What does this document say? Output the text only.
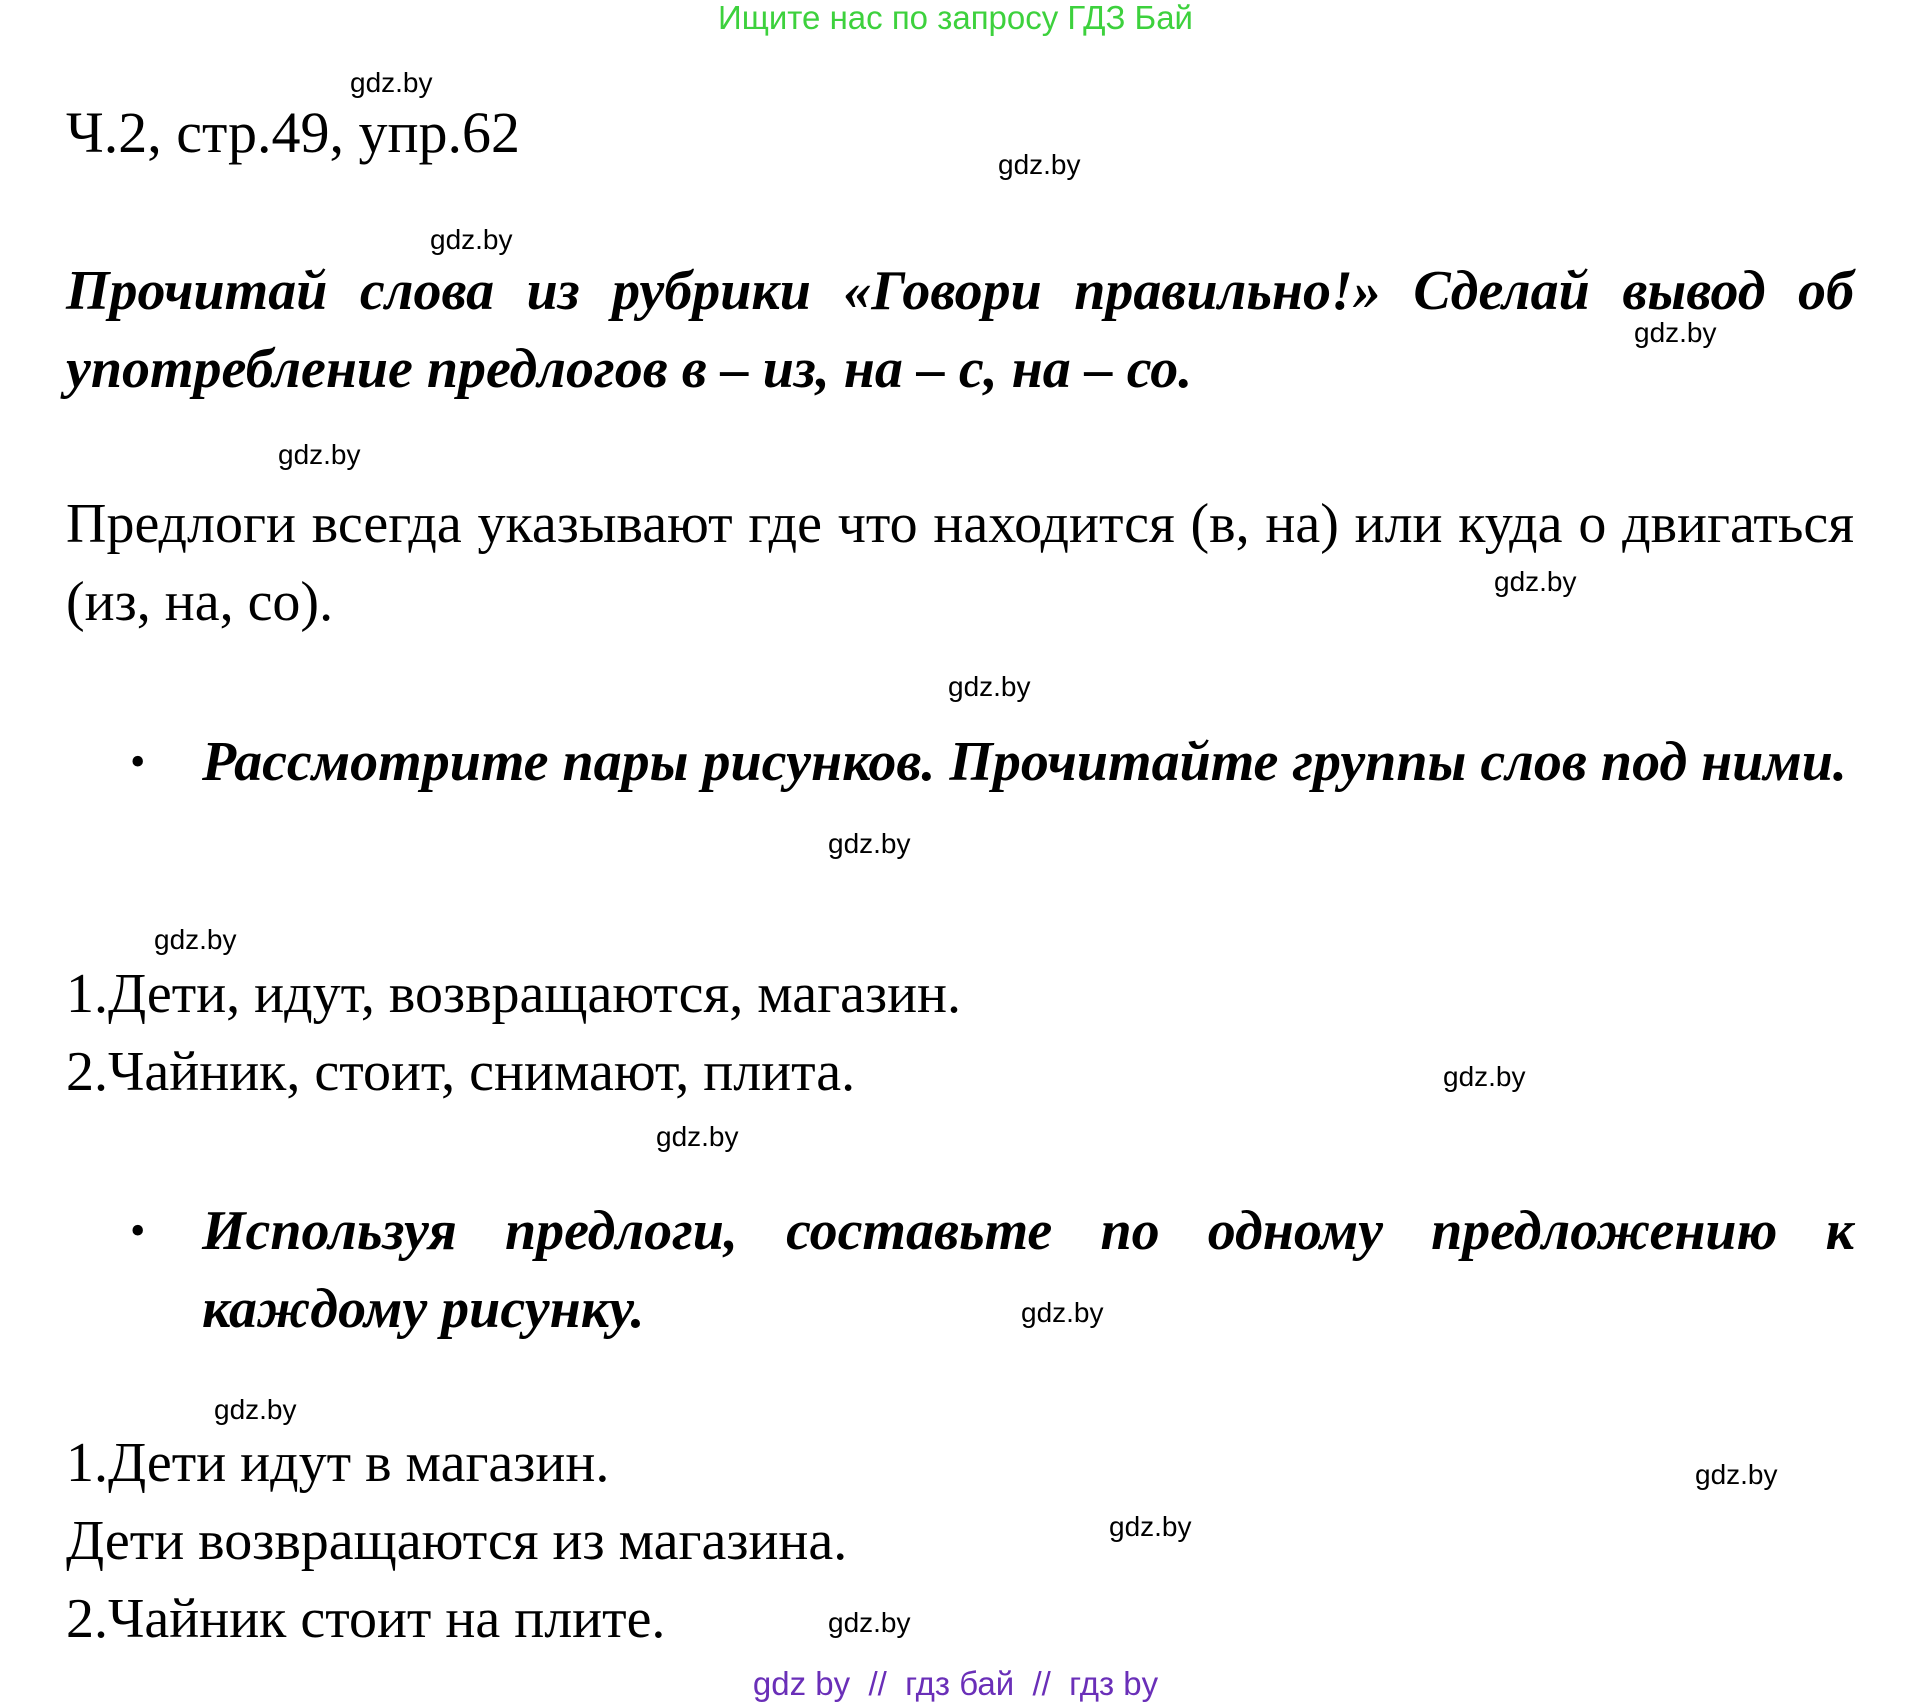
Ищите нас по запросу ГДЗ Бай
Ч.2, стр.49, упр.62
Прочитай слова из рубрики «Говори правильно!» Сделай вывод об употребление предлогов в – из, на – с, на – со.
Предлоги всегда указывают где что находится (в, на) или куда о двигаться (из, на, со).
• Рассмотрите пары рисунков. Прочитайте группы слов под ними.
1.Дети, идут, возвращаются, магазин.
2.Чайник, стоит, снимают, плита.
• Используя предлоги, составьте по одному предложению к каждому рисунку.
1.Дети идут в магазин.
Дети возвращаются из магазина.
2.Чайник стоит на плите.
gdz.by
gdz.by
gdz.by
gdz.by
gdz.by
gdz.by
gdz.by
gdz.by
gdz.by
gdz.by
gdz.by
gdz.by
gdz.by
gdz.by
gdz.by
gdz.by
gdz by  //  гдз бай  //  гдз by
